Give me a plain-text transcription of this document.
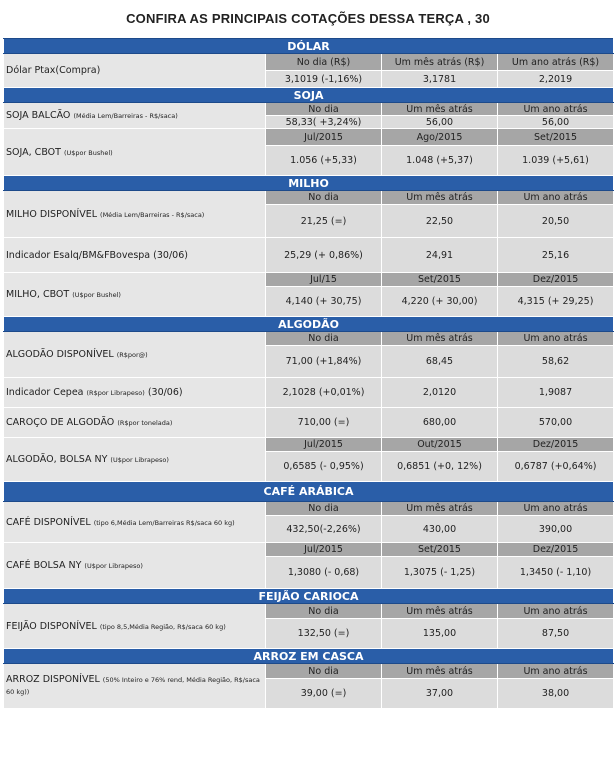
CONFIRA AS PRINCIPAIS COTAÇÕES DESSA TERÇA , 30
DÓLAR			
Dólar Ptax(Compra)	No dia (R$)	Um mês atrás (R$)	Um ano atrás (R$)
	3,1019 (-1,16%)	3,1781	2,2019
SOJA			
SOJA BALCÃO (Média Lem/Barreiras - R$/saca)	No dia	Um mês atrás	Um ano atrás
	58,33( +3,24%)	56,00	56,00
SOJA, CBOT (U$por Bushel)	Jul/2015	Ago/2015	Set/2015
	1.056 (+5,33)	1.048 (+5,37)	1.039 (+5,61)
MILHO			
MILHO DISPONÍVEL (Média Lem/Barreiras - R$/saca)	No dia	Um mês atrás	Um ano atrás
	21,25 (=)	22,50	20,50
Indicador Esalq/BM&FBovespa (30/06)	25,29 (+ 0,86%)	24,91	25,16
MILHO, CBOT (U$por Bushel)	Jul/15	Set/2015	Dez/2015
	4,140 (+ 30,75)	4,220 (+ 30,00)	4,315 (+ 29,25)
ALGODÃO			
ALGODÃO DISPONÍVEL (R$por@)	No dia	Um mês atrás	Um ano atrás
	71,00 (+1,84%)	68,45	58,62
Indicador Cepea (R$por Librapeso) (30/06)	2,1028 (+0,01%)	2,0120	1,9087
CAROÇO DE ALGODÃO (R$por tonelada)	710,00 (=)	680,00	570,00
ALGODÃO, BOLSA NY (U$por Librapeso)	Jul/2015	Out/2015	Dez/2015
	0,6585 (- 0,95%)	0,6851 (+0, 12%)	0,6787 (+0,64%)
CAFÉ ARÁBICA			
CAFÉ DISPONÍVEL (tipo 6,Média Lem/Barreiras R$/saca 60 kg)	No dia	Um mês atrás	Um ano atrás
	432,50(-2,26%)	430,00	390,00
CAFÉ BOLSA NY (U$por Librapeso)	Jul/2015	Set/2015	Dez/2015
	1,3080 (- 0,68)	1,3075 (- 1,25)	1,3450 (- 1,10)
FEIJÃO CARIOCA			
FEIJÃO DISPONÍVEL (tipo 8,5,Média Região, R$/saca 60 kg)	No dia	Um mês atrás	Um ano atrás
	132,50 (=)	135,00	87,50
ARROZ EM CASCA			
ARROZ DISPONÍVEL (50% Inteiro e 76% rend, Média Região, R$/saca 60 kg))	No dia	Um mês atrás	Um ano atrás
	39,00 (=)	37,00	38,00
